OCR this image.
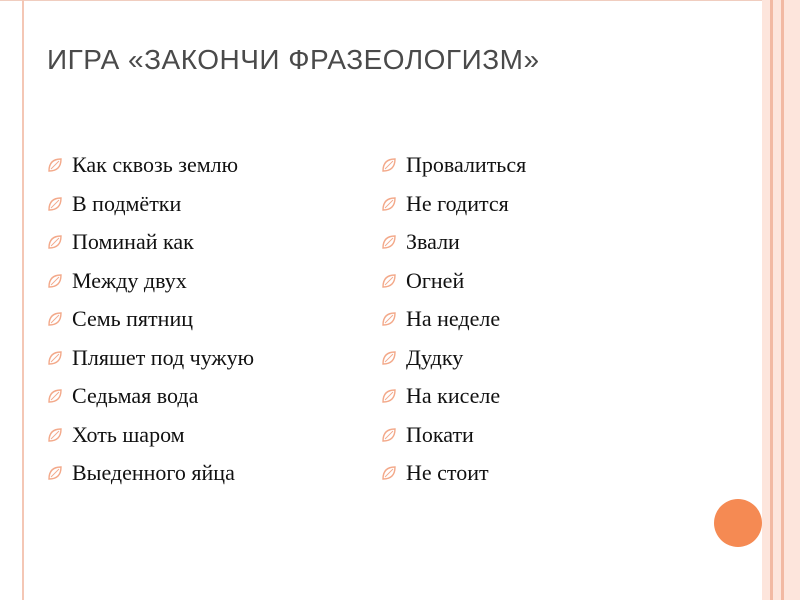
ИГРА «ЗАКОНЧИ ФРАЗЕОЛОГИЗМ»
Как сквозь землю
В подмётки
Поминай как
Между двух
Семь пятниц
Пляшет под чужую
Седьмая вода
Хоть шаром
Выеденного яйца
Провалиться
Не годится
Звали
Огней
На неделе
Дудку
На киселе
Покати
Не стоит
